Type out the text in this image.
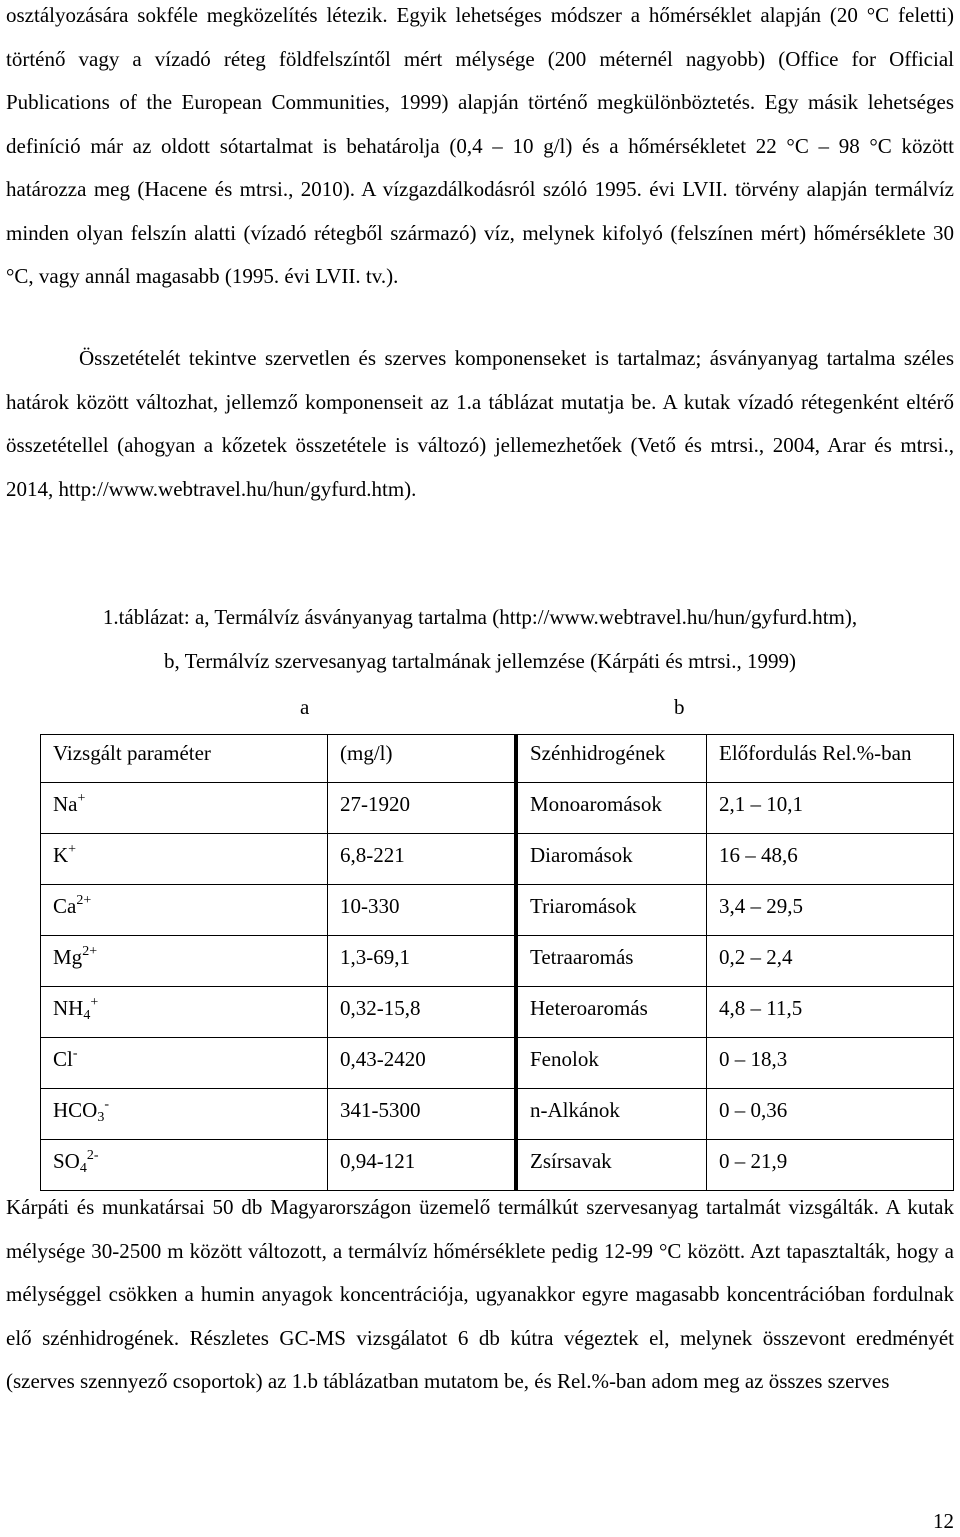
osztályozására sokféle megközelítés létezik. Egyik lehetséges módszer a hőmérséklet alapján (20 °C feletti) történő vagy a vízadó réteg földfelszíntől mért mélysége (200 méternél nagyobb) (Office for Official Publications of the European Communities, 1999) alapján történő megkülönböztetés. Egy másik lehetséges definíció már az oldott sótartalmat is behatárolja (0,4 – 10 g/l) és a hőmérsékletet 22 °C – 98 °C között határozza meg (Hacene és mtrsi., 2010). A vízgazdálkodásról szóló 1995. évi LVII. törvény alapján termálvíz minden olyan felszín alatti (vízadó rétegből származó) víz, melynek kifolyó (felszínen mért) hőmérséklete 30 °C, vagy annál magasabb (1995. évi LVII. tv.).

Összetételét tekintve szervetlen és szerves komponenseket is tartalmaz; ásványanyag tartalma széles határok között változhat, jellemző komponenseit az 1.a táblázat mutatja be. A kutak vízadó rétegenként eltérő összetétellel (ahogyan a kőzetek összetétele is változó) jellemezhetőek (Vető és mtrsi., 2004, Arar és mtrsi., 2014, http://www.webtravel.hu/hun/gyfurd.htm).

1.táblázat: a, Termálvíz ásványanyag tartalma (http://www.webtravel.hu/hun/gyfurd.htm),
b, Termálvíz szervesanyag tartalmának jellemzése (Kárpáti és mtrsi., 1999)
a	b
Vizsgált paraméter	(mg/l)	Szénhidrogének	Előfordulás Rel.%-ban
Na+	27-1920	Monoaromások	2,1 – 10,1
K+	6,8-221	Diaromások	16 – 48,6
$Ca^{2+}$	10-330	Triaromások	3,4 – 29,5
$Mg^{2+}$	1,3-69,1	Tetraaromás	0,2 – 2,4
$NH_4^+$	0,32-15,8	Heteroaromás	4,8 – 11,5
Cl-	0,43-2420	Fenolok	0 – 18,3
$HCO_3^-$	341-5300	n-Alkánok	0 – 0,36
$SO_4^{2-}$	0,94-121	Zsírsavak	0 – 21,9

Kárpáti és munkatársai 50 db Magyarországon üzemelő termálkút szervesanyag tartalmát vizsgálták. A kutak mélysége 30-2500 m között változott, a termálvíz hőmérséklete pedig 12-99 °C között. Azt tapasztalták, hogy a mélységgel csökken a humin anyagok koncentrációja, ugyanakkor egyre magasabb koncentrációban fordulnak elő szénhidrogének. Részletes GC-MS vizsgálatot 6 db kútra végeztek el, melynek összevont eredményét (szerves szennyező csoportok) az 1.b táblázatban mutatom be, és Rel.%-ban adom meg az összes szerves

12
